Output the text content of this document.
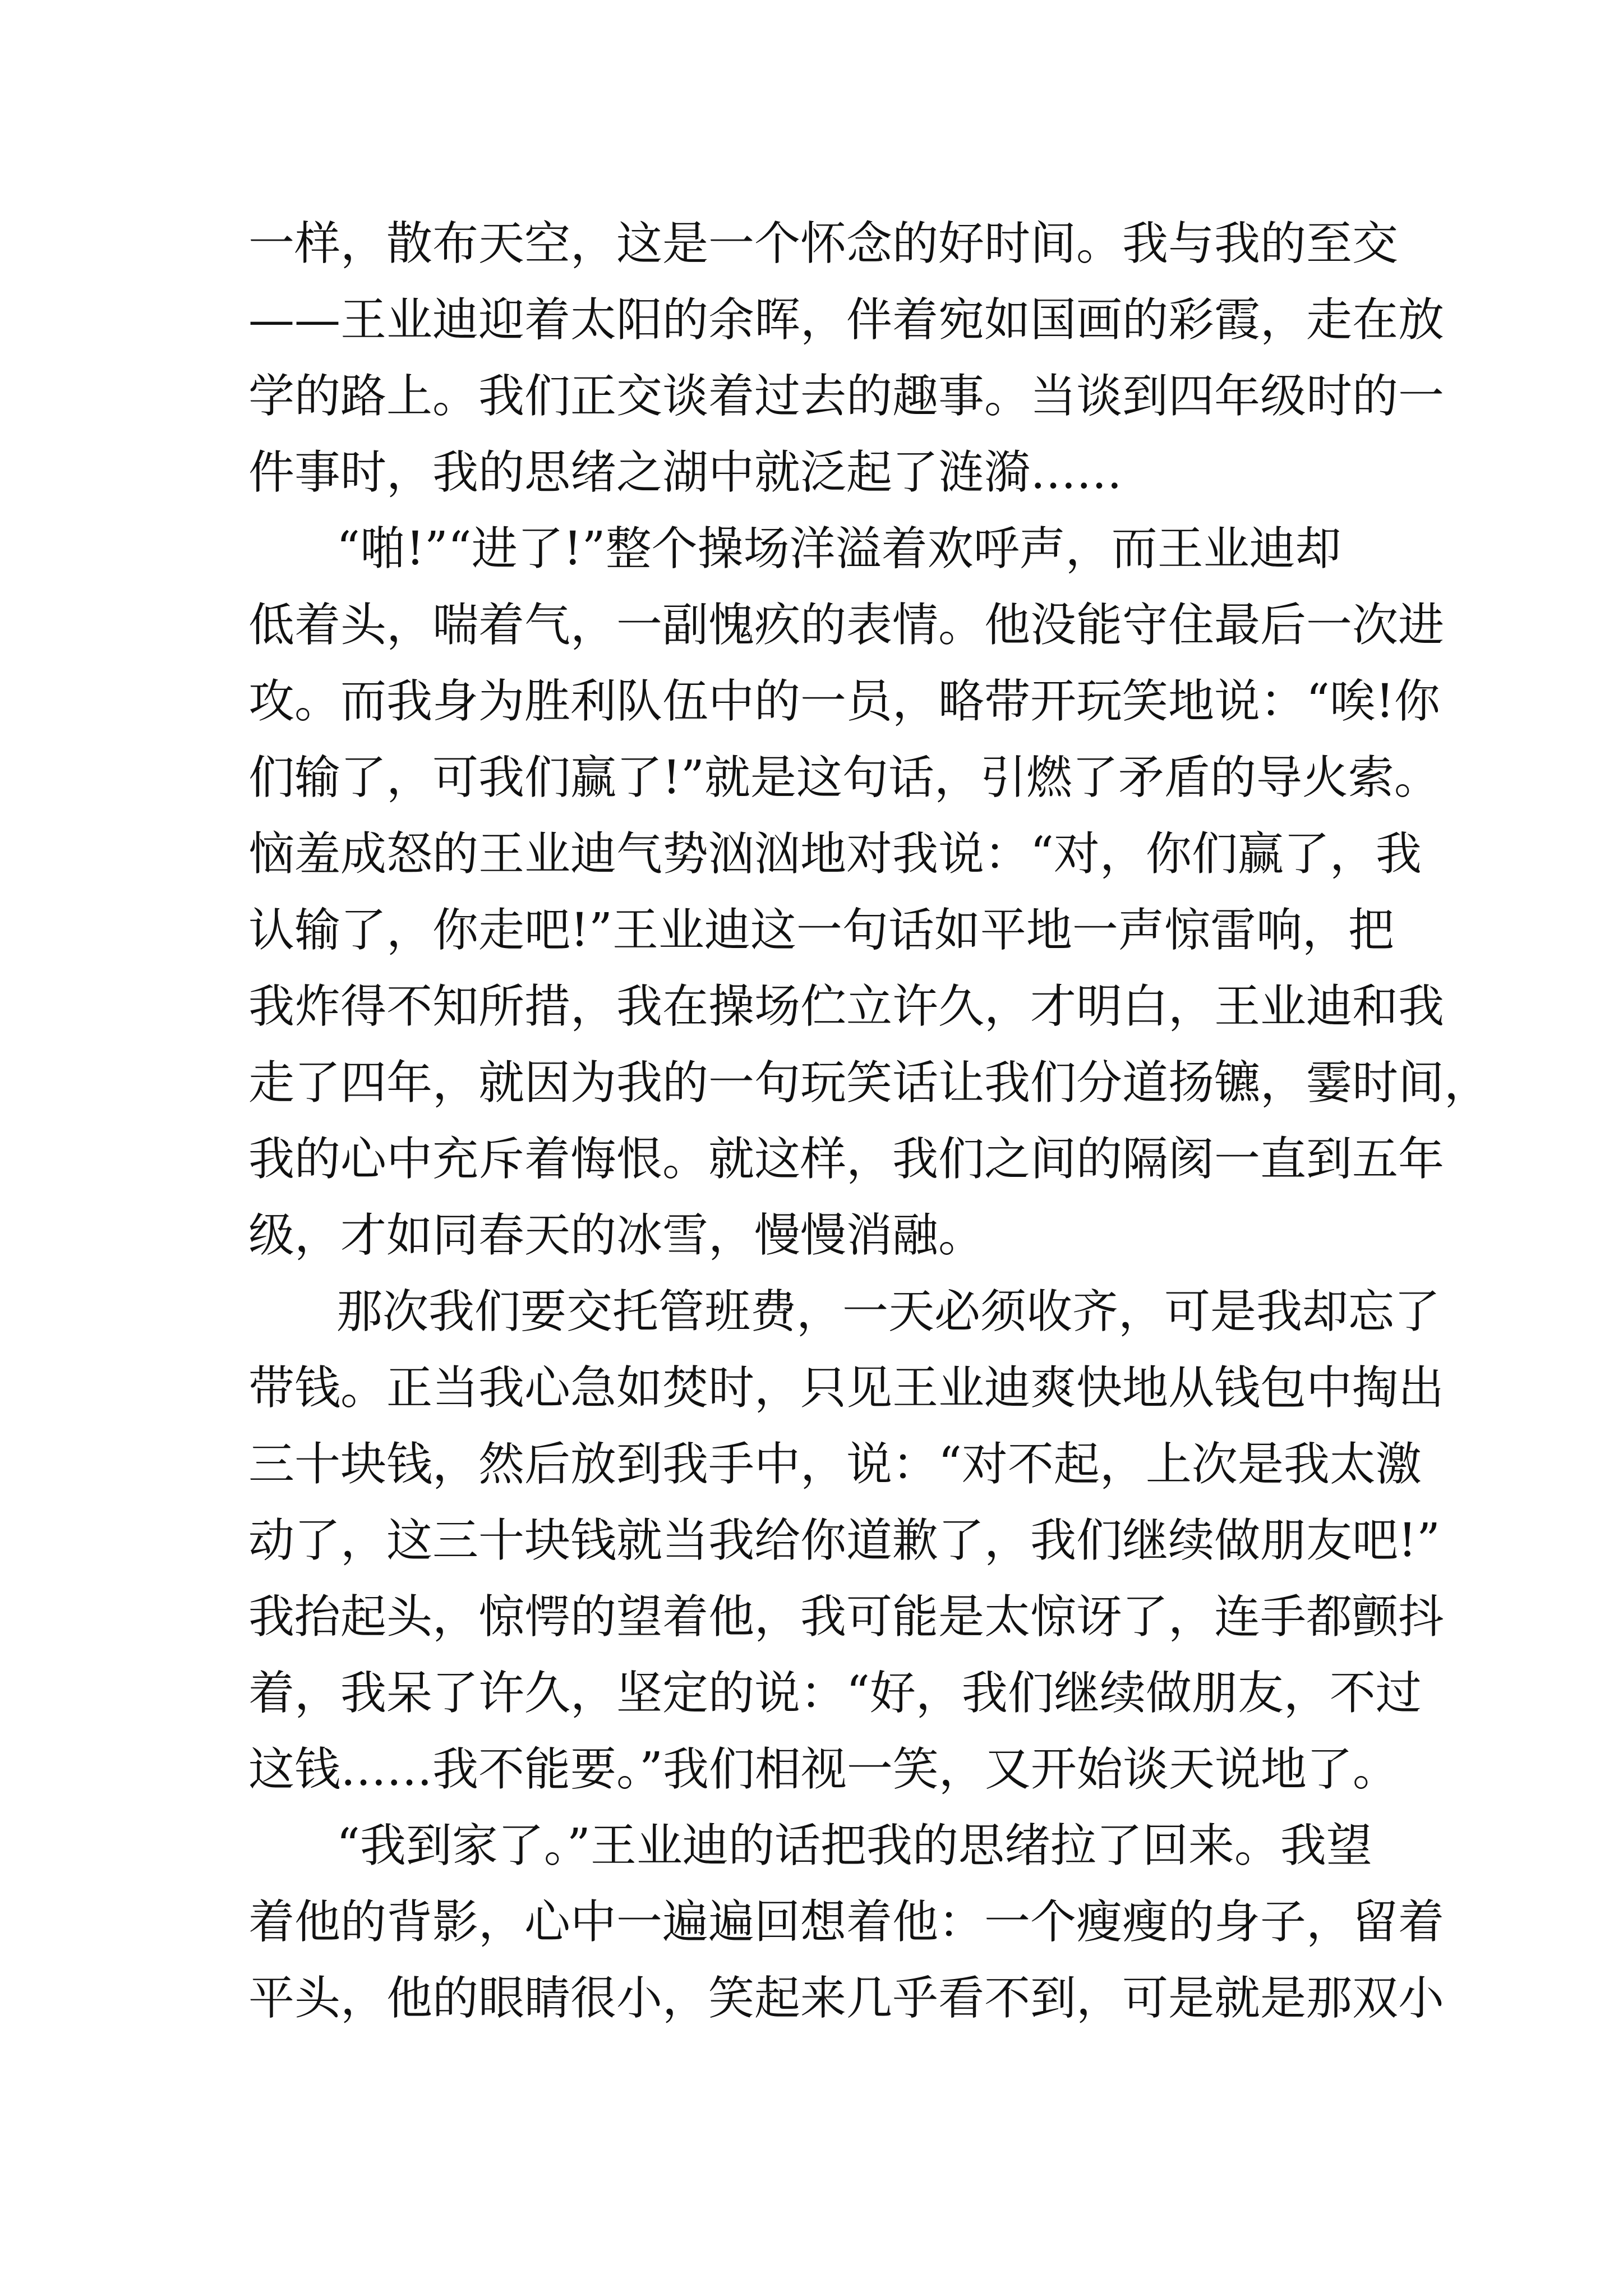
一样，散布天空，这是一个怀念的好时间。我与我的至交
——王业迪迎着太阳的余晖，伴着宛如国画的彩霞，走在放
学的路上。我们正交谈着过去的趣事。当谈到四年级时的一
件事时，我的思绪之湖中就泛起了涟漪……
“啪!”“进了!”整个操场洋溢着欢呼声，而王业迪却
低着头，喘着气，一副愧疚的表情。他没能守住最后一次进
攻。而我身为胜利队伍中的一员，略带开玩笑地说：“唉!你
们输了，可我们赢了!”就是这句话，引燃了矛盾的导火索。
恼羞成怒的王业迪气势汹汹地对我说：“对，你们赢了，我
认输了，你走吧!”王业迪这一句话如平地一声惊雷响，把
我炸得不知所措，我在操场伫立许久，才明白，王业迪和我
走了四年，就因为我的一句玩笑话让我们分道扬镳，霎时间，
我的心中充斥着悔恨。就这样，我们之间的隔阂一直到五年
级，才如同春天的冰雪，慢慢消融。
那次我们要交托管班费，一天必须收齐，可是我却忘了
带钱。正当我心急如焚时，只见王业迪爽快地从钱包中掏出
三十块钱，然后放到我手中，说：“对不起，上次是我太激
动了，这三十块钱就当我给你道歉了，我们继续做朋友吧!”
我抬起头，惊愕的望着他，我可能是太惊讶了，连手都颤抖
着，我呆了许久，坚定的说：“好，我们继续做朋友，不过
这钱……我不能要。”我们相视一笑，又开始谈天说地了。
“我到家了。”王业迪的话把我的思绪拉了回来。我望
着他的背影，心中一遍遍回想着他：一个瘦瘦的身子，留着
平头，他的眼睛很小，笑起来几乎看不到，可是就是那双小
